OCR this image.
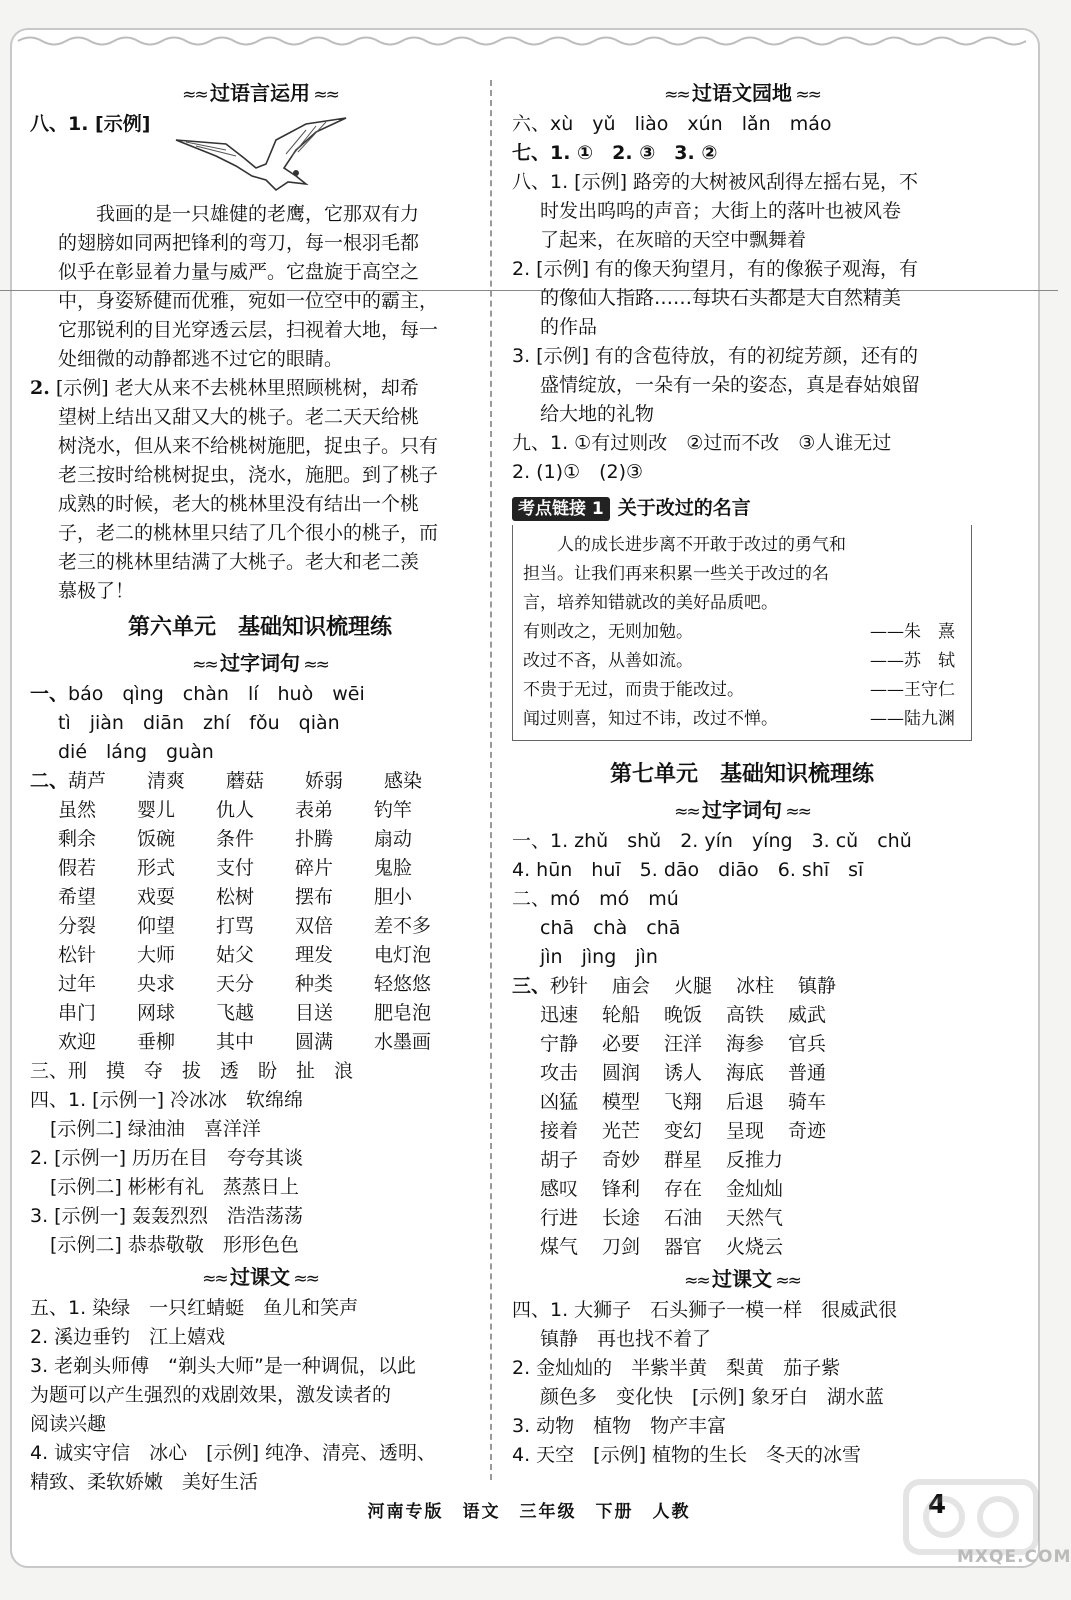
≈≈ 过语言运用 ≈≈
八、1. [示例]
我画的是一只雄健的老鹰，它那双有力
的翅膀如同两把锋利的弯刀，每一根羽毛都
似乎在彰显着力量与威严。它盘旋于高空之
中，身姿矫健而优雅，宛如一位空中的霸主，
它那锐利的目光穿透云层，扫视着大地，每一
处细微的动静都逃不过它的眼睛。
2. [示例] 老大从来不去桃林里照顾桃树，却希
望树上结出又甜又大的桃子。老二天天给桃
树浇水，但从来不给桃树施肥，捉虫子。只有
老三按时给桃树捉虫，浇水，施肥。到了桃子
成熟的时候，老大的桃林里没有结出一个桃
子，老二的桃林里只结了几个很小的桃子，而
老三的桃林里结满了大桃子。老大和老二羡
慕极了！
第六单元　基础知识梳理练
≈≈ 过字词句 ≈≈
一、báo　qìng　chàn　lí　huò　wēi
tì　jiàn　diān　zhí　fǒu　qiàn
dié　láng　guàn
二、葫芦 清爽 蘑菇 娇弱 感染
虽然 婴儿 仇人 表弟 钓竿
剩余 饭碗 条件 扑腾 扇动
假若 形式 支付 碎片 鬼脸
希望 戏耍 松树 摆布 胆小
分裂 仰望 打骂 双倍 差不多
松针 大师 姑父 理发 电灯泡
过年 央求 天分 种类 轻悠悠
串门 网球 飞越 目送 肥皂泡
欢迎 垂柳 其中 圆满 水墨画
三、刑　摸　夺　拔　透　盼　扯　浪
四、1. [示例一] 冷冰冰　软绵绵
[示例二] 绿油油　喜洋洋
2. [示例一] 历历在目　夸夸其谈
[示例二] 彬彬有礼　蒸蒸日上
3. [示例一] 轰轰烈烈　浩浩荡荡
[示例二] 恭恭敬敬　形形色色
≈≈ 过课文 ≈≈
五、1. 染绿　一只红蜻蜓　鱼儿和笑声
2. 溪边垂钓　江上嬉戏
3. 老剃头师傅　“剃头大师”是一种调侃，以此
为题可以产生强烈的戏剧效果，激发读者的
阅读兴趣
4. 诚实守信　冰心　[示例] 纯净、清亮、透明、
精致、柔软娇嫩　美好生活
≈≈ 过语文园地 ≈≈
六、xù　yǔ　liào　xún　lǎn　máo
七、1. ①　2. ③　3. ②
八、1. [示例] 路旁的大树被风刮得左摇右晃，不
时发出呜呜的声音；大街上的落叶也被风卷
了起来，在灰暗的天空中飘舞着
2. [示例] 有的像天狗望月，有的像猴子观海，有
的像仙人指路……每块石头都是大自然精美
的作品
3. [示例] 有的含苞待放，有的初绽芳颜，还有的
盛情绽放，一朵有一朵的姿态，真是春姑娘留
给大地的礼物
九、1. ①有过则改　②过而不改　③人谁无过
2. (1)①　(2)③
考点链接 1 关于改过的名言
人的成长进步离不开敢于改过的勇气和
担当。让我们再来积累一些关于改过的名
言，培养知错就改的美好品质吧。
有则改之，无则加勉。	——朱　熹
改过不吝，从善如流。	——苏　轼
不贵于无过，而贵于能改过。	——王守仁
闻过则喜，知过不讳，改过不惮。	——陆九渊
第七单元　基础知识梳理练
≈≈ 过字词句 ≈≈
一、1. zhǔ　shǔ　2. yín　yíng　3. cǔ　chǔ
4. hūn　huī　5. dāo　diāo　6. shī　sī
二、mó　mó　mú
chā　chà　chā
jìn　jìng　jìn
三、秒针 庙会 火腿 冰柱 镇静
迅速 轮船 晚饭 高铁 威武
宁静 必要 汪洋 海参 官兵
攻击 圆润 诱人 海底 普通
凶猛 模型 飞翔 后退 骑车
接着 光芒 变幻 呈现 奇迹
胡子 奇妙 群星 反推力
感叹 锋利 存在 金灿灿
行进 长途 石油 天然气
煤气 刀剑 器官 火烧云
≈≈ 过课文 ≈≈
四、1. 大狮子　石头狮子一模一样　很威武很
镇静　再也找不着了
2. 金灿灿的　半紫半黄　梨黄　茄子紫
颜色多　变化快　[示例] 象牙白　湖水蓝
3. 动物　植物　物产丰富
4. 天空　[示例] 植物的生长　冬天的冰雪
河南专版　语文　三年级　下册　人教	4
MXQE.COM
